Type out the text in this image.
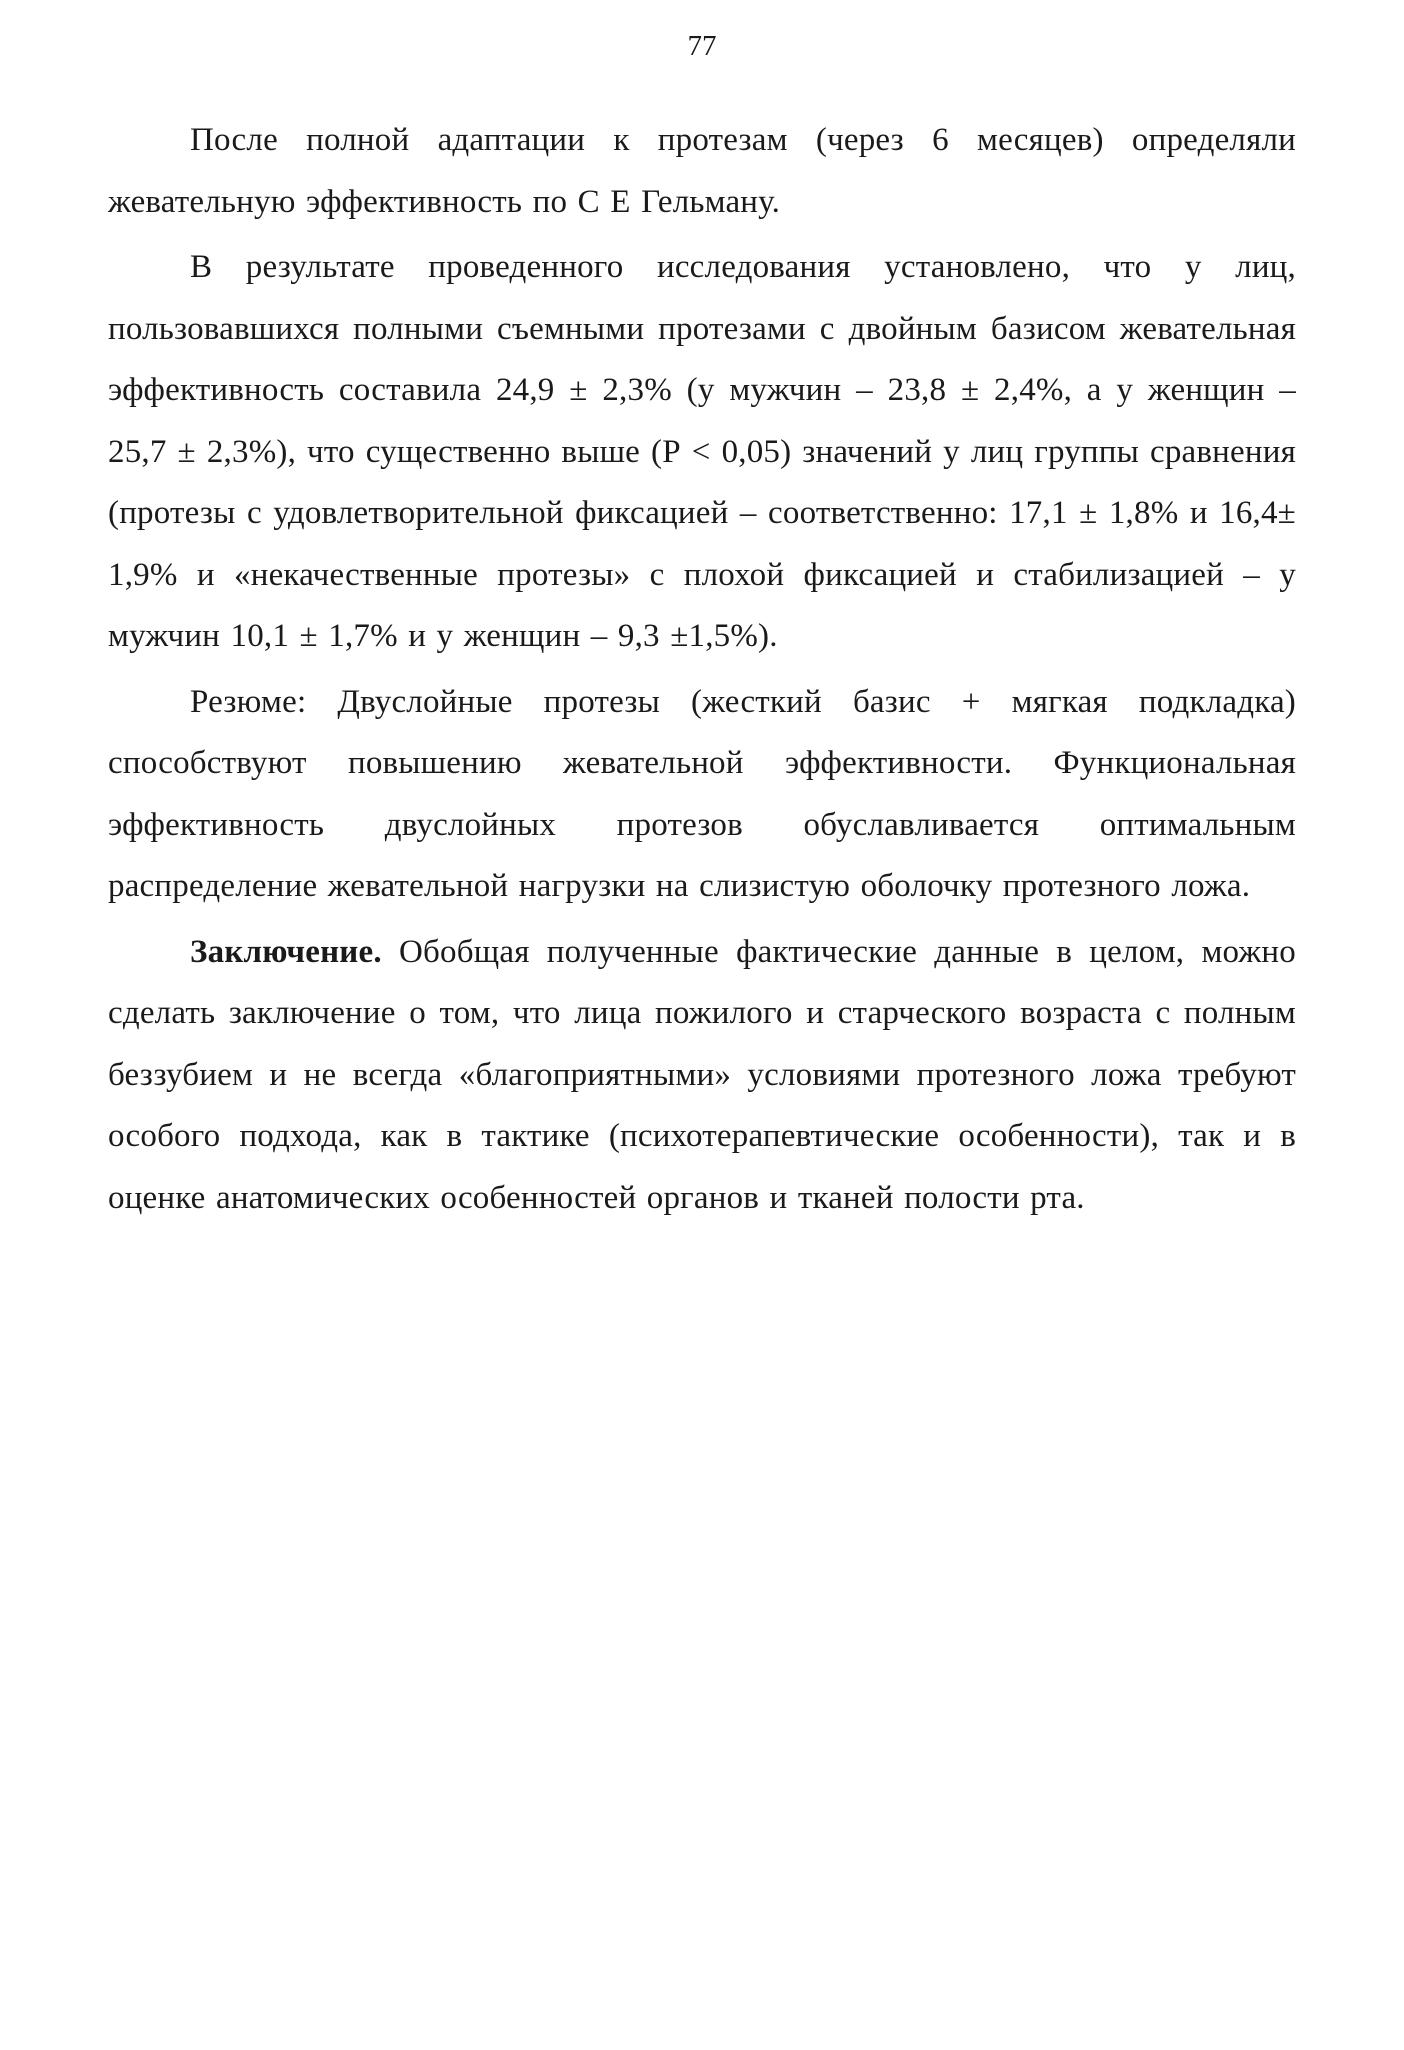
77

После полной адаптации к протезам (через 6 месяцев) определяли жевательную эффективность по С Е Гельману.

В результате проведенного исследования установлено, что у лиц, пользовавшихся полными съемными протезами с двойным базисом жевательная эффективность составила 24,9 ± 2,3% (у мужчин – 23,8 ± 2,4%, а у женщин – 25,7 ± 2,3%), что существенно выше (Р < 0,05) значений у лиц группы сравнения (протезы с удовлетворительной фиксацией – соответственно: 17,1 ± 1,8% и 16,4± 1,9% и «некачественные протезы» с плохой фиксацией и стабилизацией – у мужчин 10,1 ± 1,7% и у женщин – 9,3 ±1,5%).

Резюме: Двуслойные протезы (жесткий базис + мягкая подкладка) способствуют повышению жевательной эффективности. Функциональная эффективность двуслойных протезов обуславливается оптимальным распределение жевательной нагрузки на слизистую оболочку протезного ложа.

Заключение. Обобщая полученные фактические данные в целом, можно сделать заключение о том, что лица пожилого и старческого возраста с полным беззубием и не всегда «благоприятными» условиями протезного ложа требуют особого подхода, как в тактике (психотерапевтические особенности), так и в оценке анатомических особенностей органов и тканей полости рта.
